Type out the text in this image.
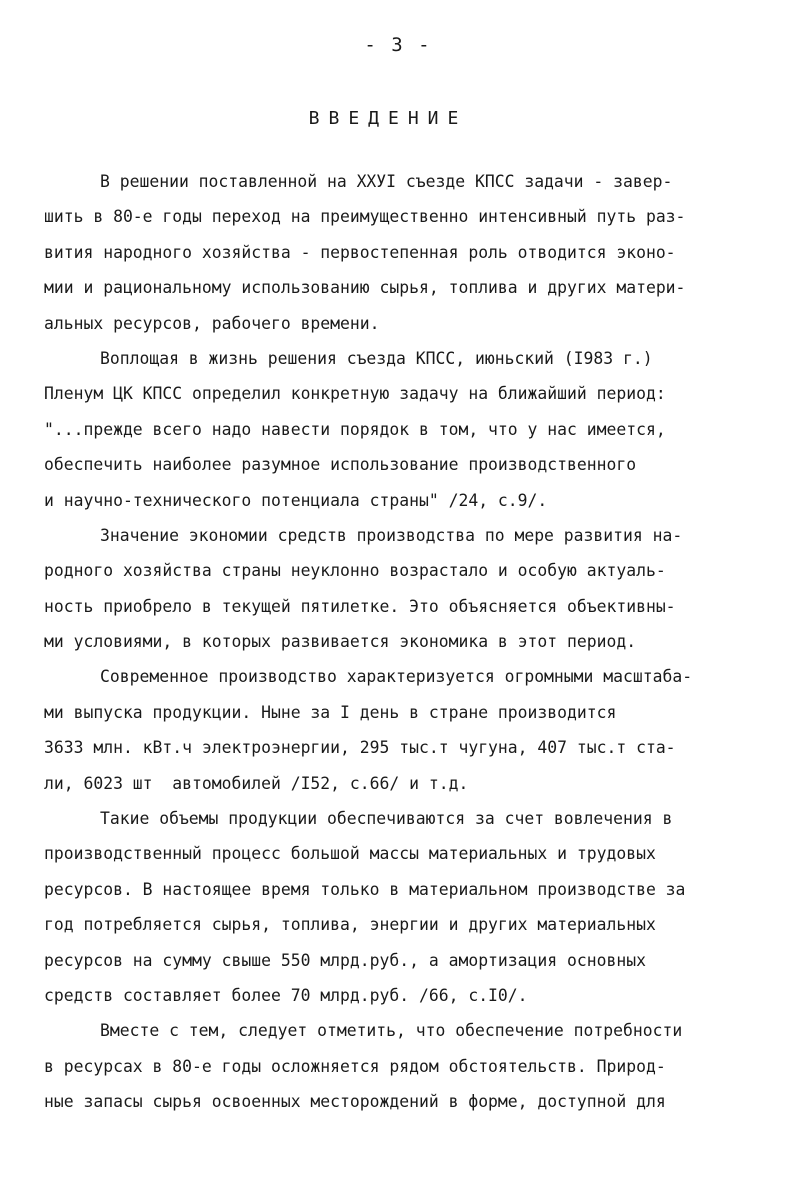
- 3 -
ВВЕДЕНИЕ
В решении поставленной на ХХУI съезде КПСС задачи - завер-
шить в 80-е годы переход на преимущественно интенсивный путь раз-
вития народного хозяйства - первостепенная роль отводится эконо-
мии и рациональному использованию сырья, топлива и других матери-
альных ресурсов, рабочего времени.
Воплощая в жизнь решения съезда КПСС, июньский (I983 г.)
Пленум ЦК КПСС определил конкретную задачу на ближайший период:
"...прежде всего надо навести порядок в том, что у нас имеется,
обеспечить наиболее разумное использование производственного
и научно-технического потенциала страны" /24, с.9/.
Значение экономии средств производства по мере развития на-
родного хозяйства страны неуклонно возрастало и особую актуаль-
ность приобрело в текущей пятилетке. Это объясняется объективны-
ми условиями, в которых развивается экономика в этот период.
Современное производство характеризуется огромными масштаба-
ми выпуска продукции. Ныне за I день в стране производится
3633 млн. кВт.ч электроэнергии, 295 тыс.т чугуна, 407 тыс.т ста-
ли, 6023 шт  автомобилей /I52, с.66/ и т.д.
Такие объемы продукции обеспечиваются за счет вовлечения в
производственный процесс большой массы материальных и трудовых
ресурсов. В настоящее время только в материальном производстве за
год потребляется сырья, топлива, энергии и других материальных
ресурсов на сумму свыше 550 млрд.руб., а амортизация основных
средств составляет более 70 млрд.руб. /66, с.I0/.
Вместе с тем, следует отметить, что обеспечение потребности
в ресурсах в 80-е годы осложняется рядом обстоятельств. Природ-
ные запасы сырья освоенных месторождений в форме, доступной для
